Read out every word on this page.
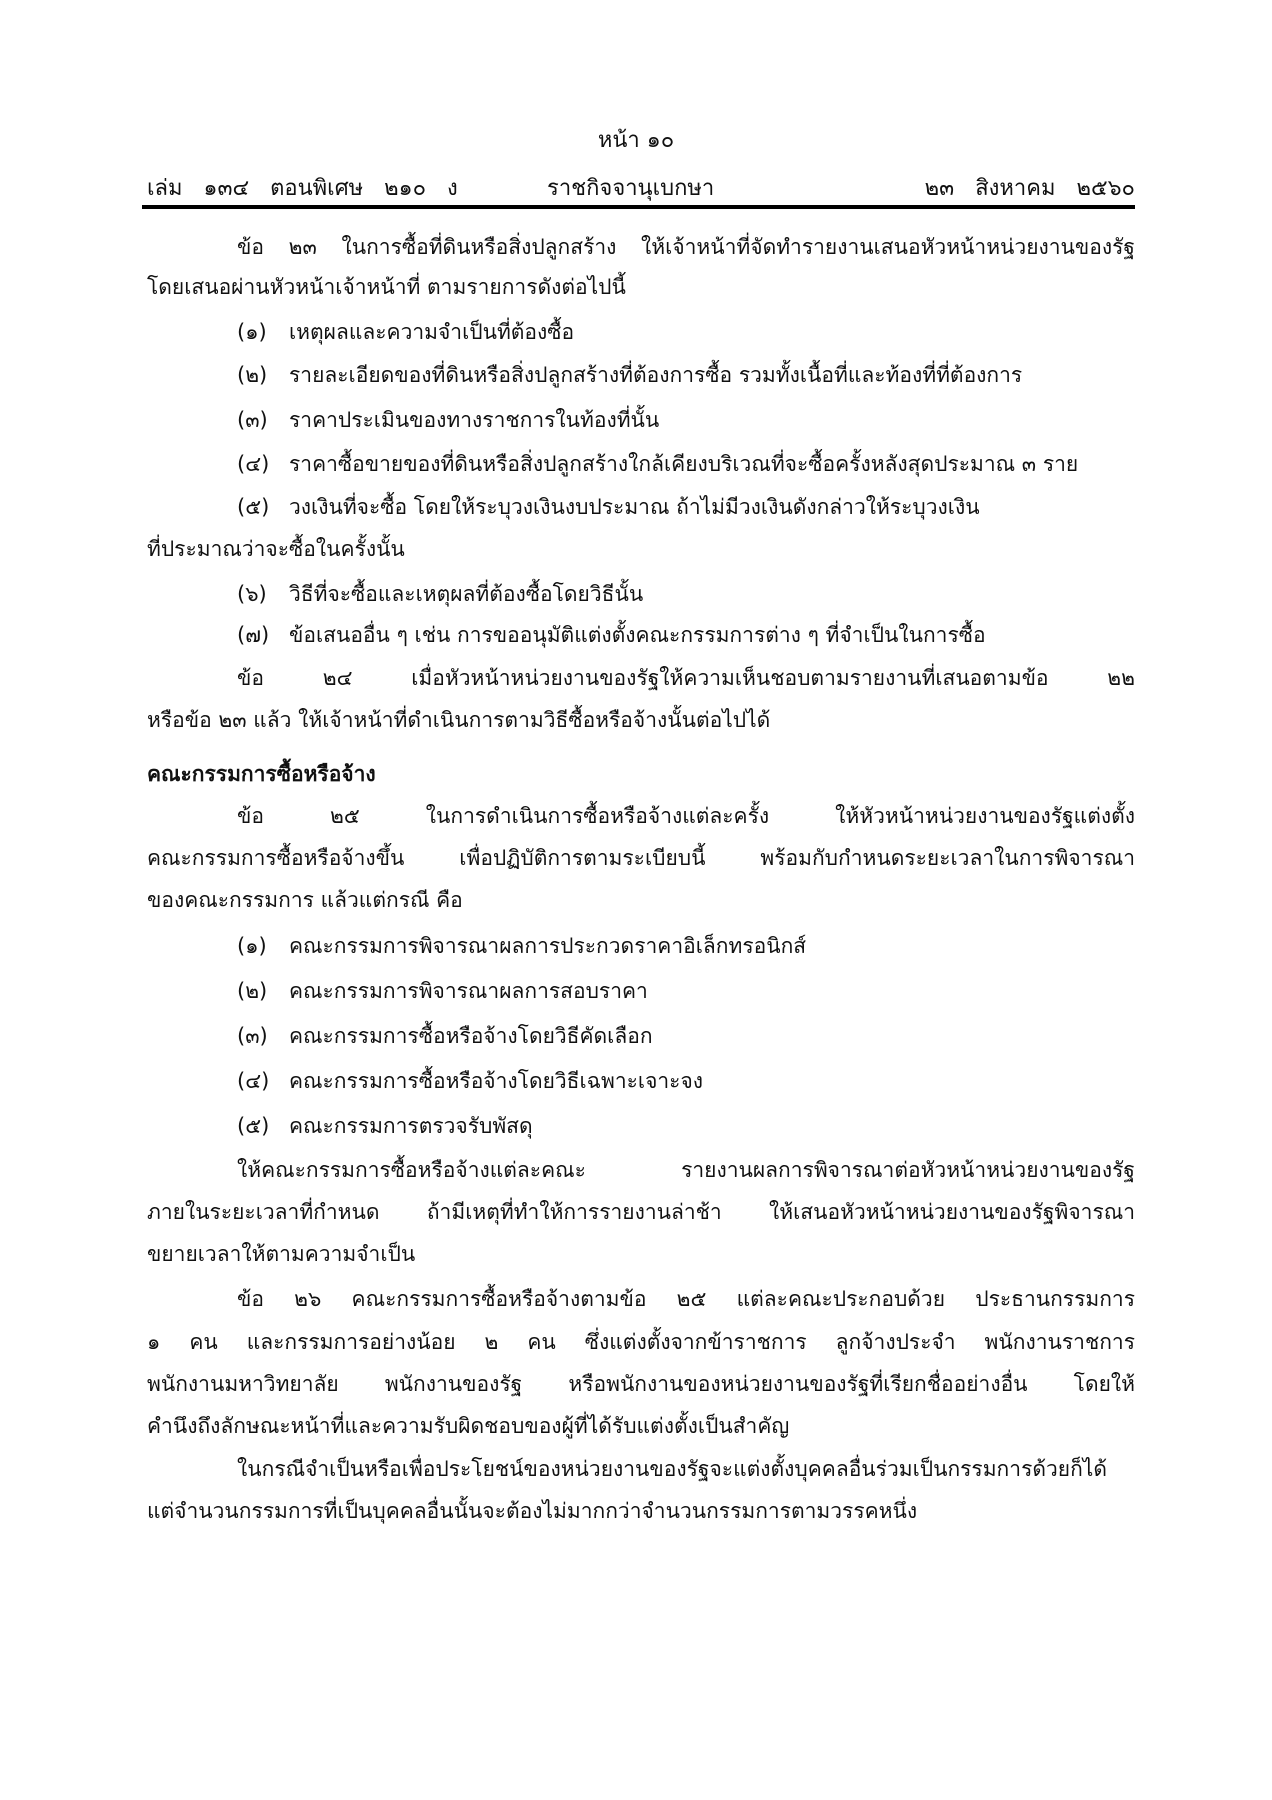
หน้า ๑๐
เล่ม ๑๓๔ ตอนพิเศษ ๒๑๐ ง	ราชกิจจานุเบกษา	๒๓ สิงหาคม ๒๕๖๐
ข้อ ๒๓ ในการซื้อที่ดินหรือสิ่งปลูกสร้าง ให้เจ้าหน้าที่จัดทำรายงานเสนอหัวหน้าหน่วยงานของรัฐ
โดยเสนอผ่านหัวหน้าเจ้าหน้าที่ ตามรายการดังต่อไปนี้
(๑) เหตุผลและความจำเป็นที่ต้องซื้อ
(๒) รายละเอียดของที่ดินหรือสิ่งปลูกสร้างที่ต้องการซื้อ รวมทั้งเนื้อที่และท้องที่ที่ต้องการ
(๓) ราคาประเมินของทางราชการในท้องที่นั้น
(๔) ราคาซื้อขายของที่ดินหรือสิ่งปลูกสร้างใกล้เคียงบริเวณที่จะซื้อครั้งหลังสุดประมาณ ๓ ราย
(๕) วงเงินที่จะซื้อ โดยให้ระบุวงเงินงบประมาณ ถ้าไม่มีวงเงินดังกล่าวให้ระบุวงเงิน
ที่ประมาณว่าจะซื้อในครั้งนั้น
(๖) วิธีที่จะซื้อและเหตุผลที่ต้องซื้อโดยวิธีนั้น
(๗) ข้อเสนออื่น ๆ เช่น การขออนุมัติแต่งตั้งคณะกรรมการต่าง ๆ ที่จำเป็นในการซื้อ
ข้อ ๒๔ เมื่อหัวหน้าหน่วยงานของรัฐให้ความเห็นชอบตามรายงานที่เสนอตามข้อ ๒๒
หรือข้อ ๒๓ แล้ว ให้เจ้าหน้าที่ดำเนินการตามวิธีซื้อหรือจ้างนั้นต่อไปได้
คณะกรรมการซื้อหรือจ้าง
ข้อ ๒๕ ในการดำเนินการซื้อหรือจ้างแต่ละครั้ง ให้หัวหน้าหน่วยงานของรัฐแต่งตั้ง
คณะกรรมการซื้อหรือจ้างขึ้น เพื่อปฏิบัติการตามระเบียบนี้ พร้อมกับกำหนดระยะเวลาในการพิจารณา
ของคณะกรรมการ แล้วแต่กรณี คือ
(๑) คณะกรรมการพิจารณาผลการประกวดราคาอิเล็กทรอนิกส์
(๒) คณะกรรมการพิจารณาผลการสอบราคา
(๓) คณะกรรมการซื้อหรือจ้างโดยวิธีคัดเลือก
(๔) คณะกรรมการซื้อหรือจ้างโดยวิธีเฉพาะเจาะจง
(๕) คณะกรรมการตรวจรับพัสดุ
ให้คณะกรรมการซื้อหรือจ้างแต่ละคณะ รายงานผลการพิจารณาต่อหัวหน้าหน่วยงานของรัฐ
ภายในระยะเวลาที่กำหนด ถ้ามีเหตุที่ทำให้การรายงานล่าช้า ให้เสนอหัวหน้าหน่วยงานของรัฐพิจารณา
ขยายเวลาให้ตามความจำเป็น
ข้อ ๒๖ คณะกรรมการซื้อหรือจ้างตามข้อ ๒๕ แต่ละคณะประกอบด้วย ประธานกรรมการ
๑ คน และกรรมการอย่างน้อย ๒ คน ซึ่งแต่งตั้งจากข้าราชการ ลูกจ้างประจำ พนักงานราชการ
พนักงานมหาวิทยาลัย พนักงานของรัฐ หรือพนักงานของหน่วยงานของรัฐที่เรียกชื่ออย่างอื่น โดยให้
คำนึงถึงลักษณะหน้าที่และความรับผิดชอบของผู้ที่ได้รับแต่งตั้งเป็นสำคัญ
ในกรณีจำเป็นหรือเพื่อประโยชน์ของหน่วยงานของรัฐจะแต่งตั้งบุคคลอื่นร่วมเป็นกรรมการด้วยก็ได้
แต่จำนวนกรรมการที่เป็นบุคคลอื่นนั้นจะต้องไม่มากกว่าจำนวนกรรมการตามวรรคหนึ่ง
